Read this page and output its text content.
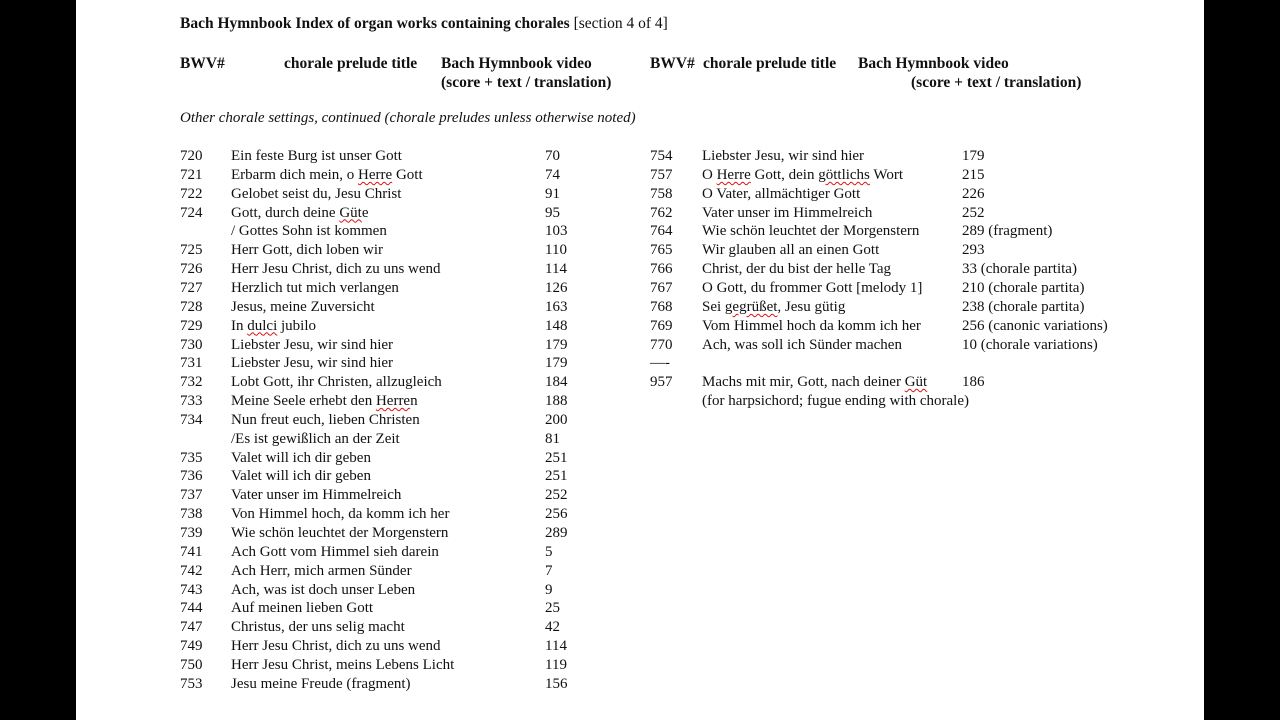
Bach Hymnbook Index of organ works containing chorales [section 4 of 4]
BWV#	chorale prelude title Bach Hymnbook video
(score + text / translation)
BWV# chorale prelude title Bach Hymnbook video
(score + text / translation)
Other chorale settings, continued (chorale preludes unless otherwise noted)
720 Ein feste Burg ist unser Gott	70
721 Erbarm dich mein, o Herre Gott	74
722 Gelobet seist du, Jesu Christ	91
724 Gott, durch deine Güte	95
/ Gottes Sohn ist kommen	103
725 Herr Gott, dich loben wir	110
726 Herr Jesu Christ, dich zu uns wend	114
727 Herzlich tut mich verlangen	126
728 Jesus, meine Zuversicht	163
729 In dulci jubilo	148
730 Liebster Jesu, wir sind hier	179
731 Liebster Jesu, wir sind hier	179
732 Lobt Gott, ihr Christen, allzugleich	184
733 Meine Seele erhebt den Herren	188
734 Nun freut euch, lieben Christen	200
/Es ist gewißlich an der Zeit	81
735 Valet will ich dir geben	251
736 Valet will ich dir geben	251
737 Vater unser im Himmelreich	252
738 Von Himmel hoch, da komm ich her	256
739 Wie schön leuchtet der Morgenstern	289
741 Ach Gott vom Himmel sieh darein	5
742 Ach Herr, mich armen Sünder	7
743 Ach, was ist doch unser Leben	9
744 Auf meinen lieben Gott	25
747 Christus, der uns selig macht	42
749 Herr Jesu Christ, dich zu uns wend	114
750 Herr Jesu Christ, meins Lebens Licht	119
753 Jesu meine Freude (fragment)	156
754 Liebster Jesu, wir sind hier	179
757 O Herre Gott, dein göttlichs Wort	215
758 O Vater, allmächtiger Gott	226
762 Vater unser im Himmelreich	252
764 Wie schön leuchtet der Morgenstern	289 (fragment)
765 Wir glauben all an einen Gott	293
766 Christ, der du bist der helle Tag	33 (chorale partita)
767 O Gott, du frommer Gott [melody 1]	210 (chorale partita)
768 Sei gegrüßet, Jesu gütig	238 (chorale partita)
769 Vom Himmel hoch da komm ich her	256 (canonic variations)
770 Ach, was soll ich Sünder machen	10 (chorale variations)
—-
957 Machs mit mir, Gott, nach deiner Güt 186
(for harpsichord; fugue ending with chorale)
